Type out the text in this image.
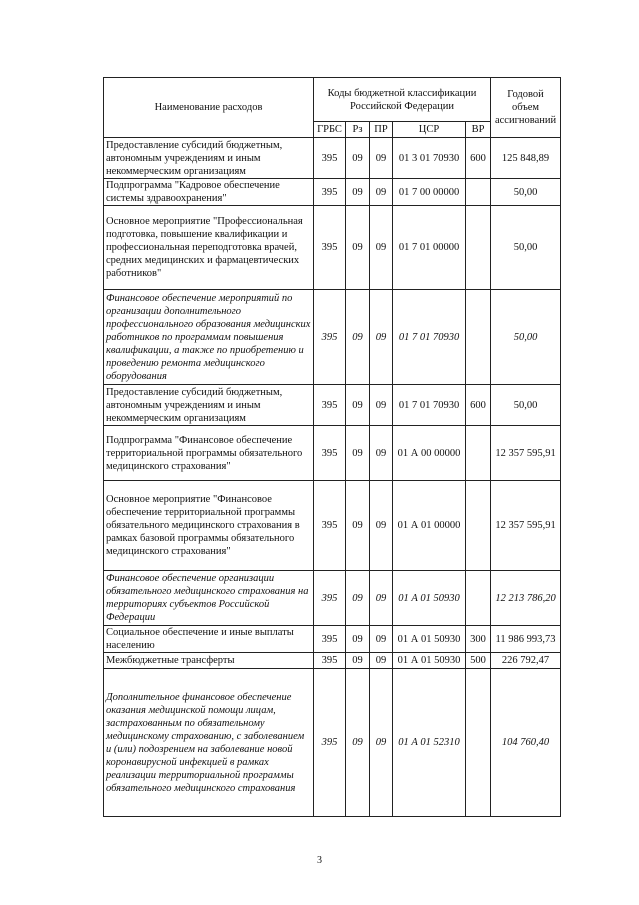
Наименование расходов	Коды бюджетной классификации Российской Федерации					Годовой объем ассигнований
	ГРБС	Рз	ПР	ЦСР	ВР	
Предоставление субсидий бюджетным, автономным учреждениям и иным некоммерческим организациям	395	09	09	01 3 01 70930	600	125 848,89
Подпрограмма "Кадровое обеспечение системы здравоохранения"	395	09	09	01 7 00 00000		50,00
Основное мероприятие "Профессиональная подготовка, повышение квалификации и профессиональная переподготовка врачей, средних медицинских и фармацевтических работников"	395	09	09	01 7 01 00000		50,00
Финансовое обеспечение мероприятий по организации дополнительного профессионального образования медицинских работников по программам повышения квалификации, а также по приобретению и проведению ремонта медицинского оборудования	395	09	09	01 7 01 70930		50,00
Предоставление субсидий бюджетным, автономным учреждениям и иным некоммерческим организациям	395	09	09	01 7 01 70930	600	50,00
Подпрограмма "Финансовое обеспечение территориальной программы обязательного медицинского страхования"	395	09	09	01 А 00 00000		12 357 595,91
Основное мероприятие "Финансовое обеспечение территориальной программы обязательного медицинского страхования в рамках базовой программы обязательного медицинского страхования"	395	09	09	01 А 01 00000		12 357 595,91
Финансовое обеспечение организации обязательного медицинского страхования на территориях субъектов Российской Федерации	395	09	09	01 А 01 50930		12 213 786,20
Социальное обеспечение и иные выплаты населению	395	09	09	01 А 01 50930	300	11 986 993,73
Межбюджетные трансферты	395	09	09	01 А 01 50930	500	226 792,47
Дополнительное финансовое обеспечение оказания медицинской помощи лицам, застрахованным по обязательному медицинскому страхованию, с заболеванием и (или) подозрением на заболевание новой коронавирусной инфекцией в рамках реализации территориальной программы обязательного медицинского страхования	395	09	09	01 А 01 52310		104 760,40
3
